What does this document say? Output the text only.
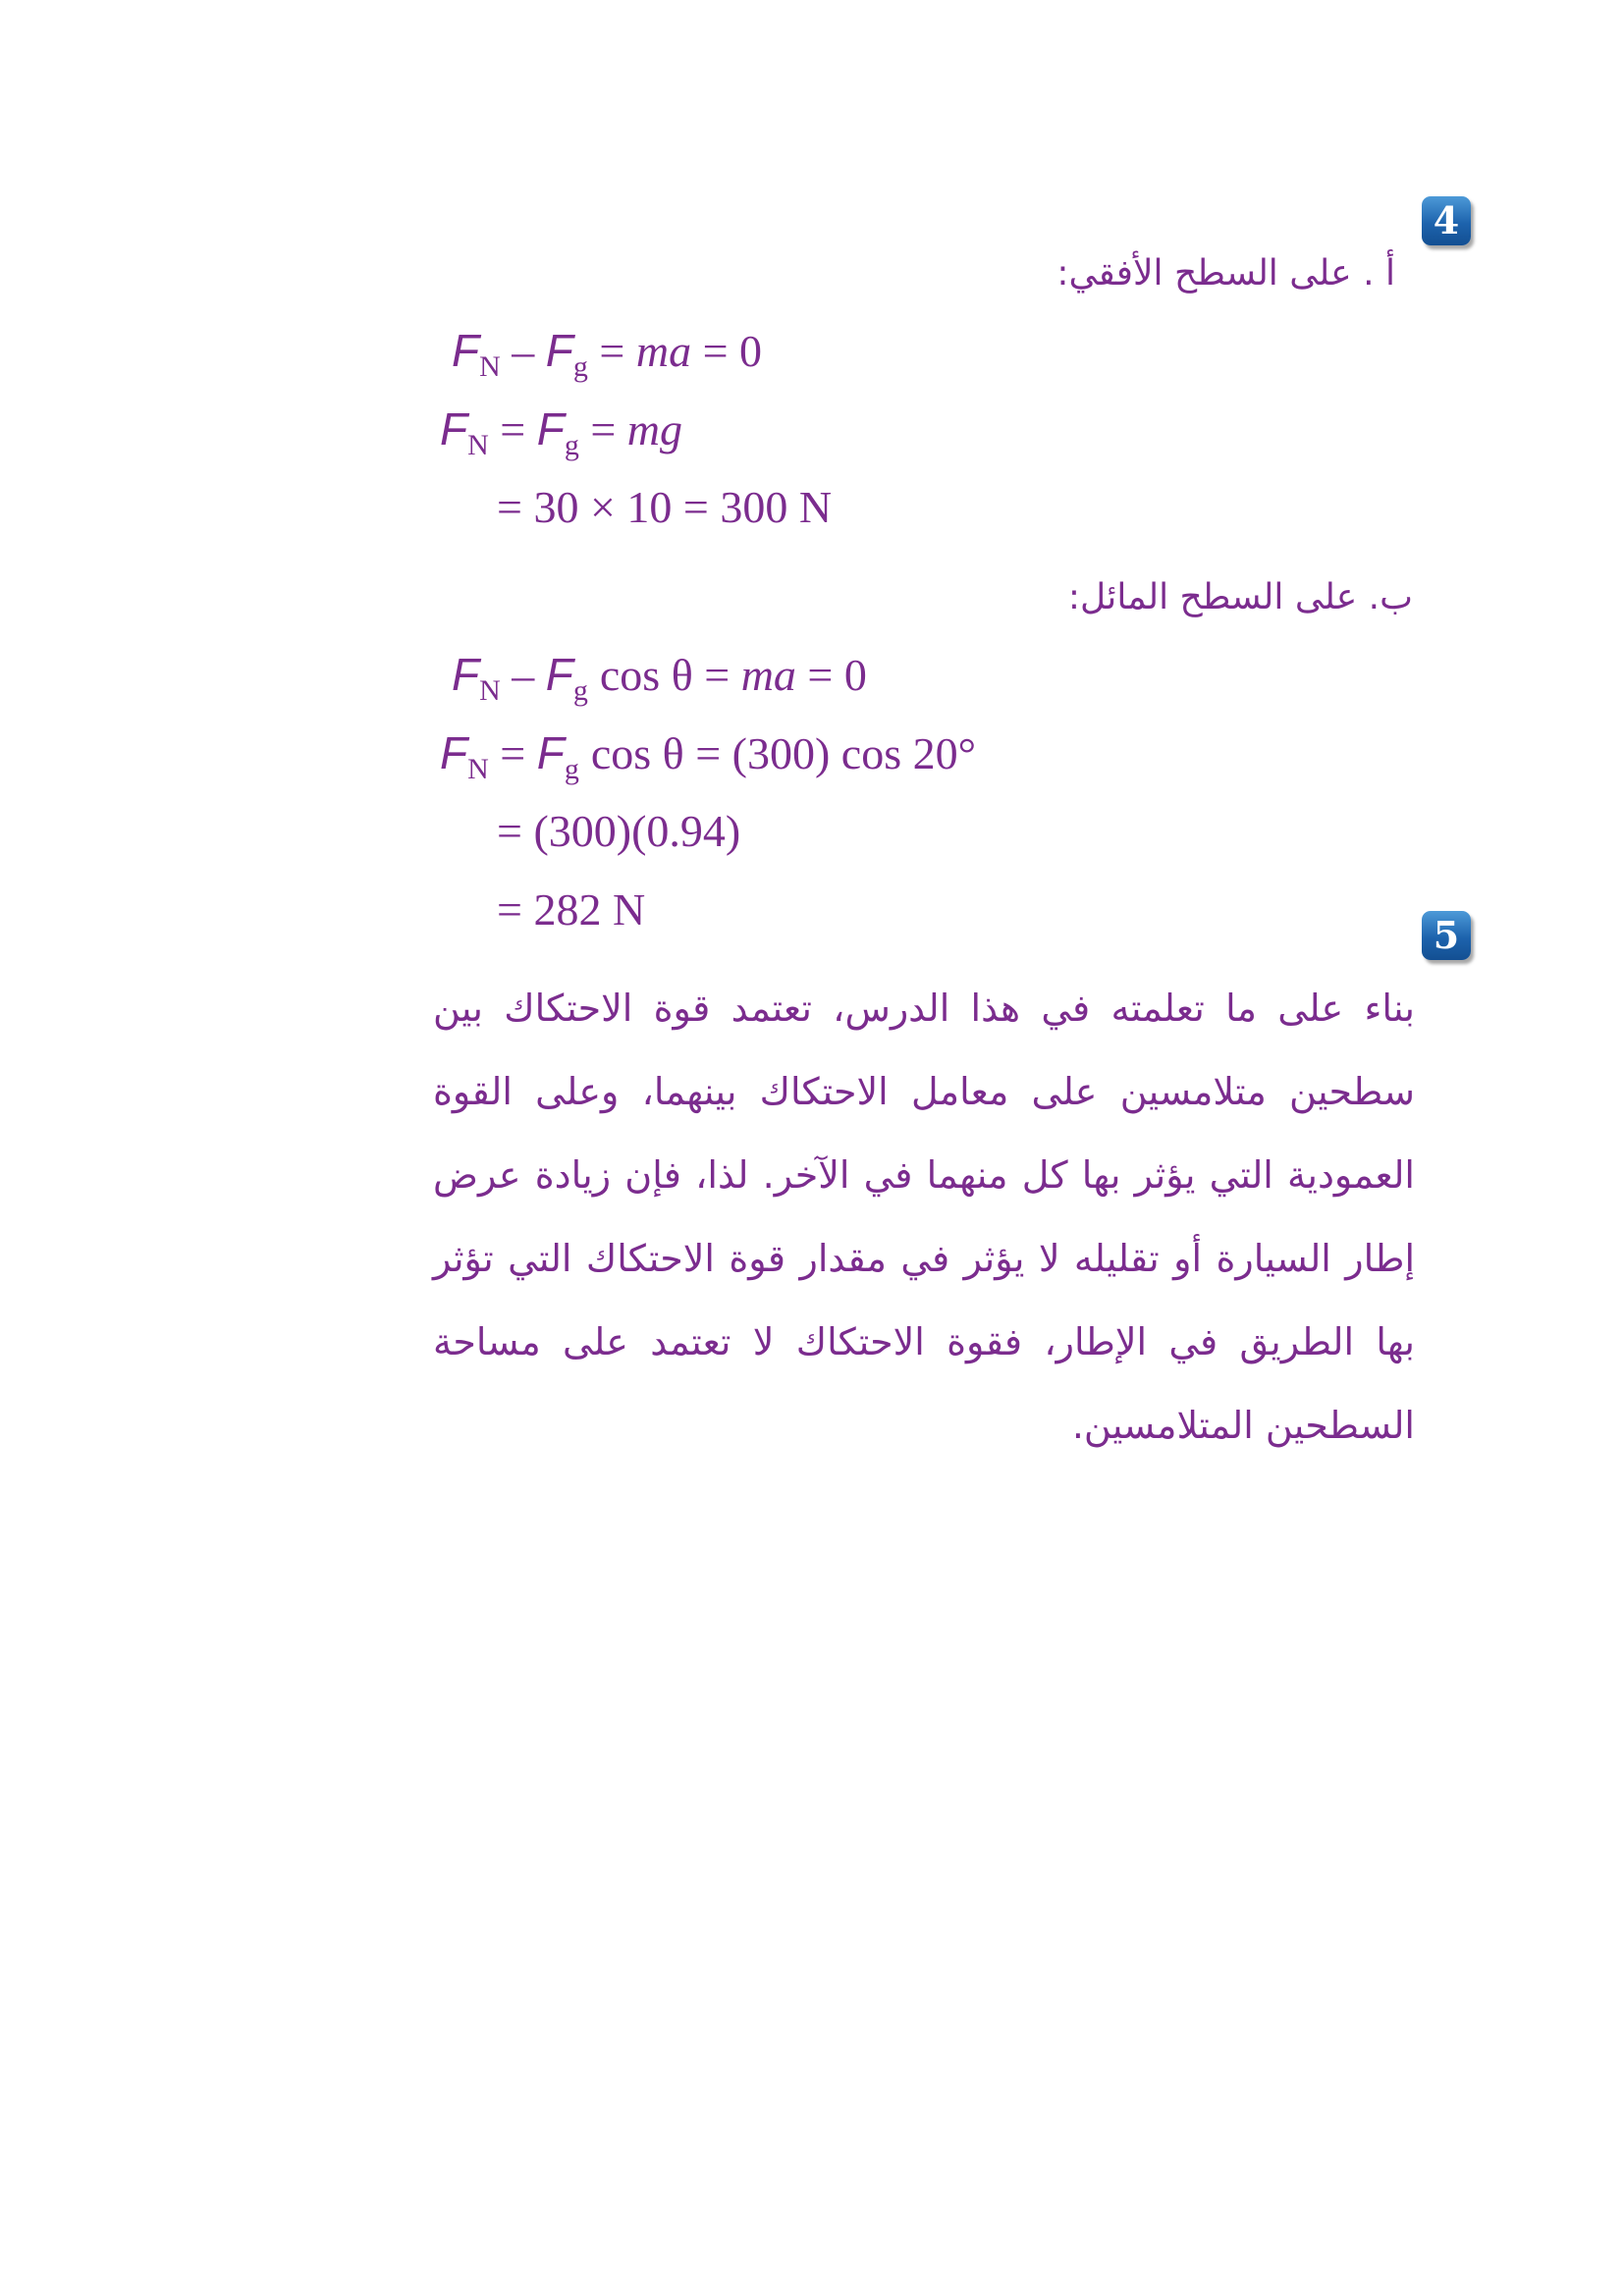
4
أ . على السطح الأفقي:
$F_N - F_g$ = ma = 0
$F_N = F_g$ = mg
= 30 × 10 = 300 N
ب. على السطح المائل:
$F_N - F_g$ cos θ = ma = 0
$F_N = F_g$ cos θ = (300) cos 20°
= (300)(0.94)
= 282 N
5
بناء على ما تعلمته في هذا الدرس، تعتمد قوة الاحتكاك بين سطحين متلامسين على معامل الاحتكاك بينهما، وعلى القوة العمودية التي يؤثر بها كل منهما في الآخر. لذا، فإن زيادة عرض إطار السيارة أو تقليله لا يؤثر في مقدار قوة الاحتكاك التي تؤثر بها الطريق في الإطار، فقوة الاحتكاك لا تعتمد على مساحة السطحين المتلامسين.
